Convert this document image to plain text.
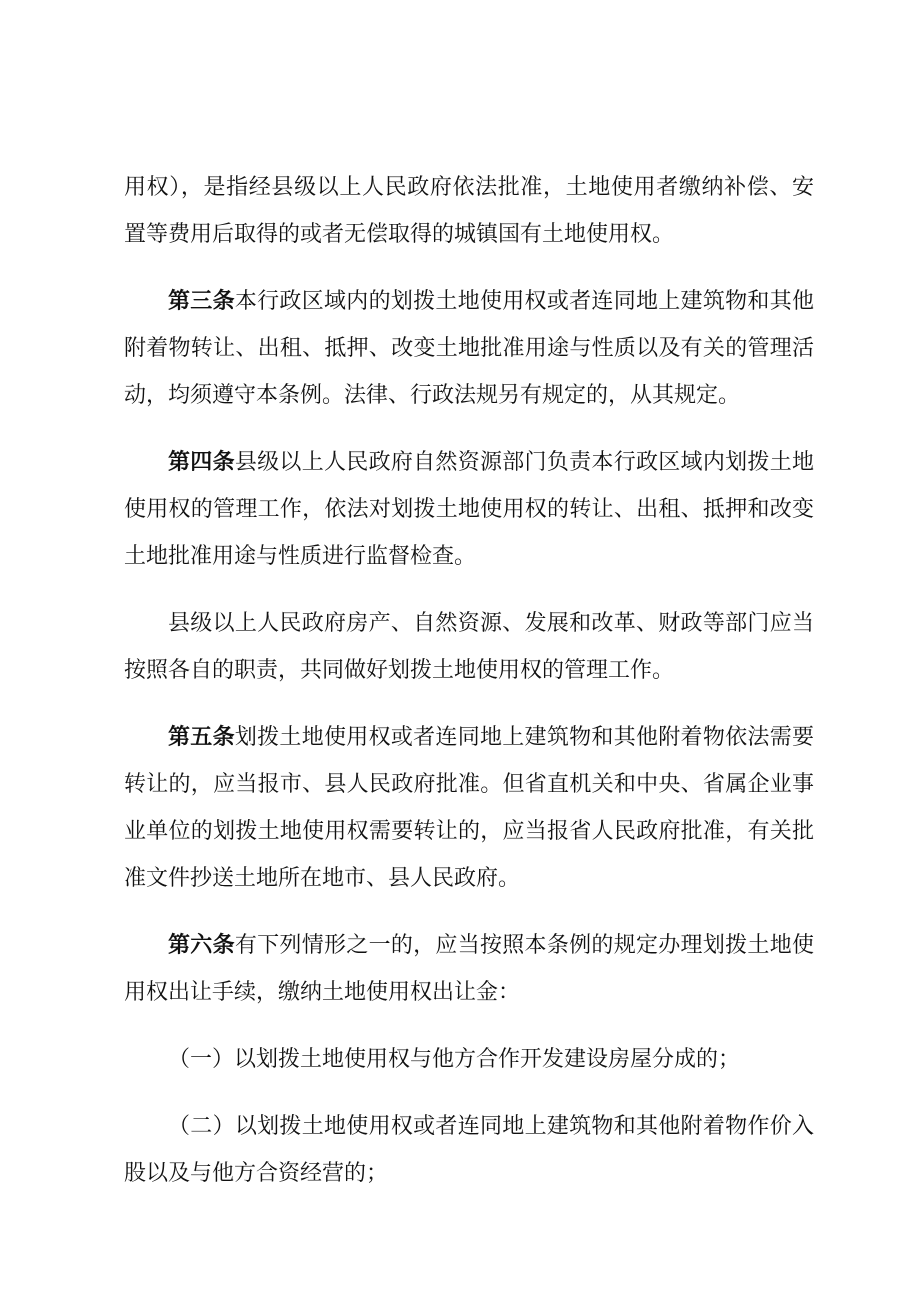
用权），是指经县级以上人民政府依法批准，土地使用者缴纳补偿、安置等费用后取得的或者无偿取得的城镇国有土地使用权。

第三条本行政区域内的划拨土地使用权或者连同地上建筑物和其他附着物转让、出租、抵押、改变土地批准用途与性质以及有关的管理活动，均须遵守本条例。法律、行政法规另有规定的，从其规定。

第四条县级以上人民政府自然资源部门负责本行政区域内划拨土地使用权的管理工作，依法对划拨土地使用权的转让、出租、抵押和改变土地批准用途与性质进行监督检查。

县级以上人民政府房产、自然资源、发展和改革、财政等部门应当按照各自的职责，共同做好划拨土地使用权的管理工作。

第五条划拨土地使用权或者连同地上建筑物和其他附着物依法需要转让的，应当报市、县人民政府批准。但省直机关和中央、省属企业事业单位的划拨土地使用权需要转让的，应当报省人民政府批准，有关批准文件抄送土地所在地市、县人民政府。

第六条有下列情形之一的，应当按照本条例的规定办理划拨土地使用权出让手续，缴纳土地使用权出让金：

（一）以划拨土地使用权与他方合作开发建设房屋分成的；

（二）以划拨土地使用权或者连同地上建筑物和其他附着物作价入股以及与他方合资经营的；
